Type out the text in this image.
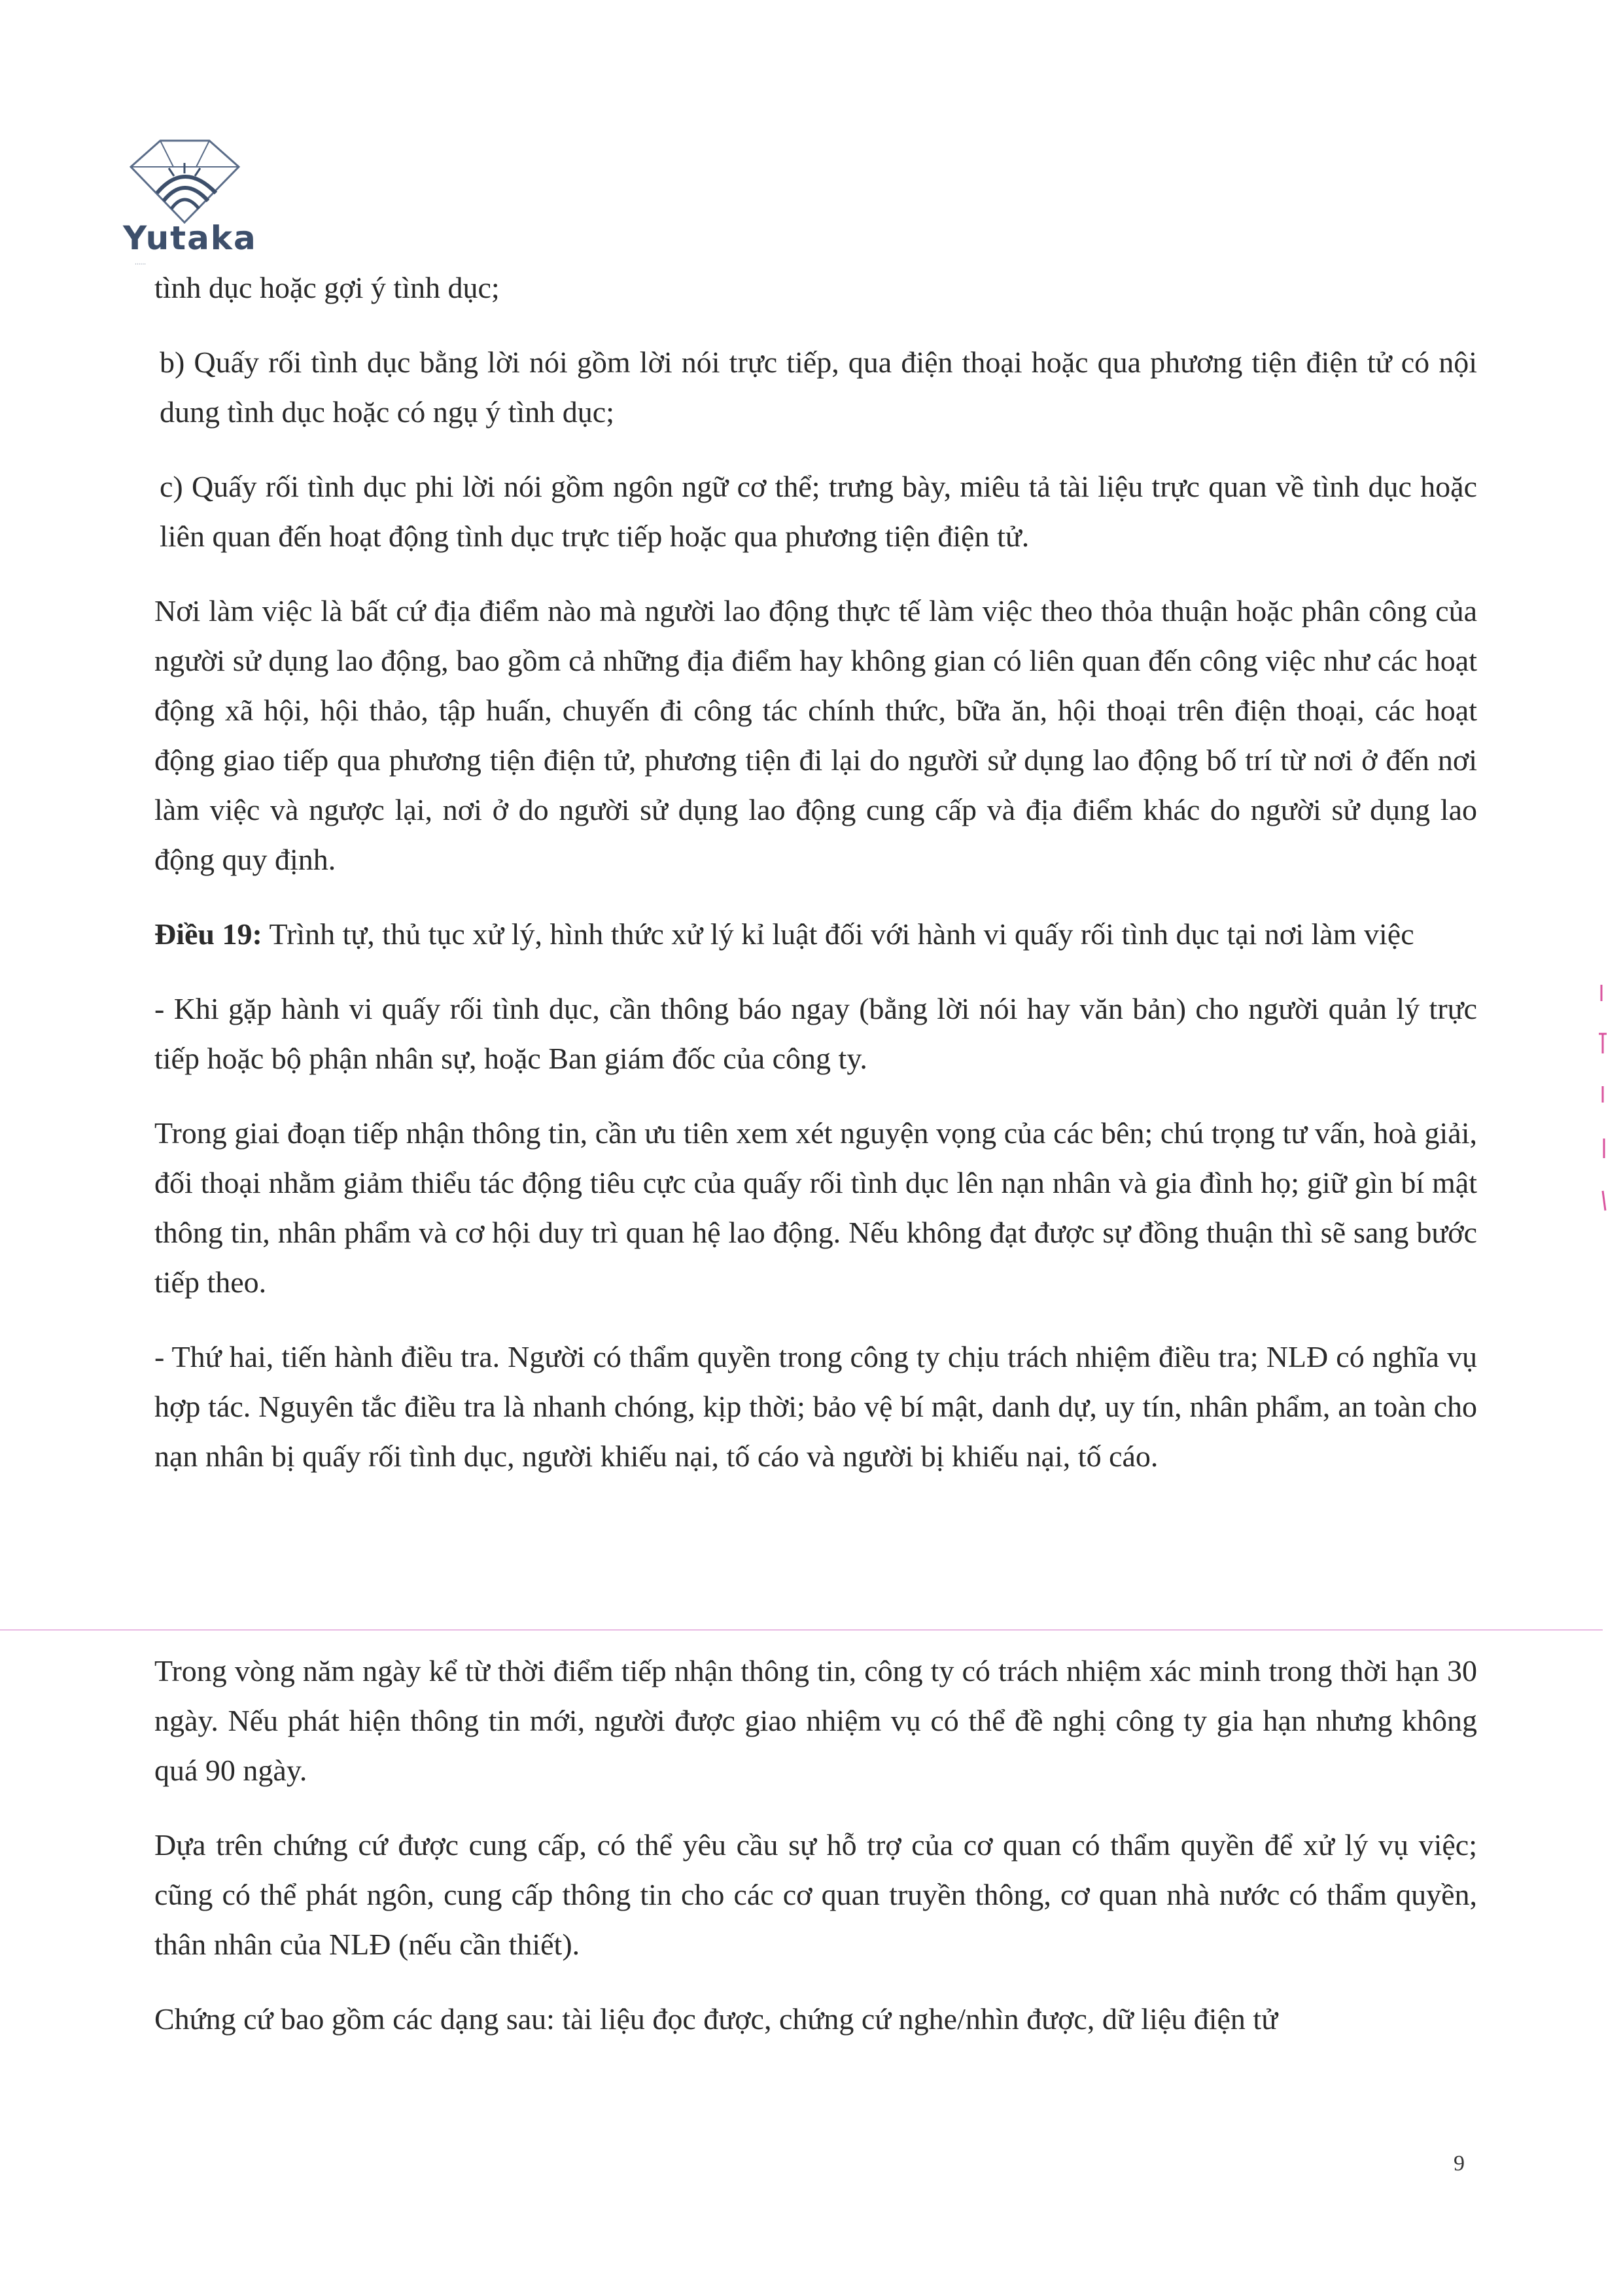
Yutaka
......

tình dục hoặc gợi ý tình dục;

b) Quấy rối tình dục bằng lời nói gồm lời nói trực tiếp, qua điện thoại hoặc qua phương tiện điện tử có nội dung tình dục hoặc có ngụ ý tình dục;

c) Quấy rối tình dục phi lời nói gồm ngôn ngữ cơ thể; trưng bày, miêu tả tài liệu trực quan về tình dục hoặc liên quan đến hoạt động tình dục trực tiếp hoặc qua phương tiện điện tử.

Nơi làm việc là bất cứ địa điểm nào mà người lao động thực tế làm việc theo thỏa thuận hoặc phân công của người sử dụng lao động, bao gồm cả những địa điểm hay không gian có liên quan đến công việc như các hoạt động xã hội, hội thảo, tập huấn, chuyến đi công tác chính thức, bữa ăn, hội thoại trên điện thoại, các hoạt động giao tiếp qua phương tiện điện tử, phương tiện đi lại do người sử dụng lao động bố trí từ nơi ở đến nơi làm việc và ngược lại, nơi ở do người sử dụng lao động cung cấp và địa điểm khác do người sử dụng lao động quy định.

Điều 19: Trình tự, thủ tục xử lý, hình thức xử lý kỉ luật đối với hành vi quấy rối tình dục tại nơi làm việc

- Khi gặp hành vi quấy rối tình dục, cần thông báo ngay (bằng lời nói hay văn bản) cho người quản lý trực tiếp hoặc bộ phận nhân sự, hoặc Ban giám đốc của công ty.

Trong giai đoạn tiếp nhận thông tin, cần ưu tiên xem xét nguyện vọng của các bên; chú trọng tư vấn, hoà giải, đối thoại nhằm giảm thiểu tác động tiêu cực của quấy rối tình dục lên nạn nhân và gia đình họ; giữ gìn bí mật thông tin, nhân phẩm và cơ hội duy trì quan hệ lao động. Nếu không đạt được sự đồng thuận thì sẽ sang bước tiếp theo.

- Thứ hai, tiến hành điều tra. Người có thẩm quyền trong công ty chịu trách nhiệm điều tra; NLĐ có nghĩa vụ hợp tác. Nguyên tắc điều tra là nhanh chóng, kịp thời; bảo vệ bí mật, danh dự, uy tín, nhân phẩm, an toàn cho nạn nhân bị quấy rối tình dục, người khiếu nại, tố cáo và người bị khiếu nại, tố cáo.

Trong vòng năm ngày kể từ thời điểm tiếp nhận thông tin, công ty có trách nhiệm xác minh trong thời hạn 30 ngày. Nếu phát hiện thông tin mới, người được giao nhiệm vụ có thể đề nghị công ty gia hạn nhưng không quá 90 ngày.

Dựa trên chứng cứ được cung cấp, có thể yêu cầu sự hỗ trợ của cơ quan có thẩm quyền để xử lý vụ việc; cũng có thể phát ngôn, cung cấp thông tin cho các cơ quan truyền thông, cơ quan nhà nước có thẩm quyền, thân nhân của NLĐ (nếu cần thiết).

Chứng cứ bao gồm các dạng sau: tài liệu đọc được, chứng cứ nghe/nhìn được, dữ liệu điện tử

9
